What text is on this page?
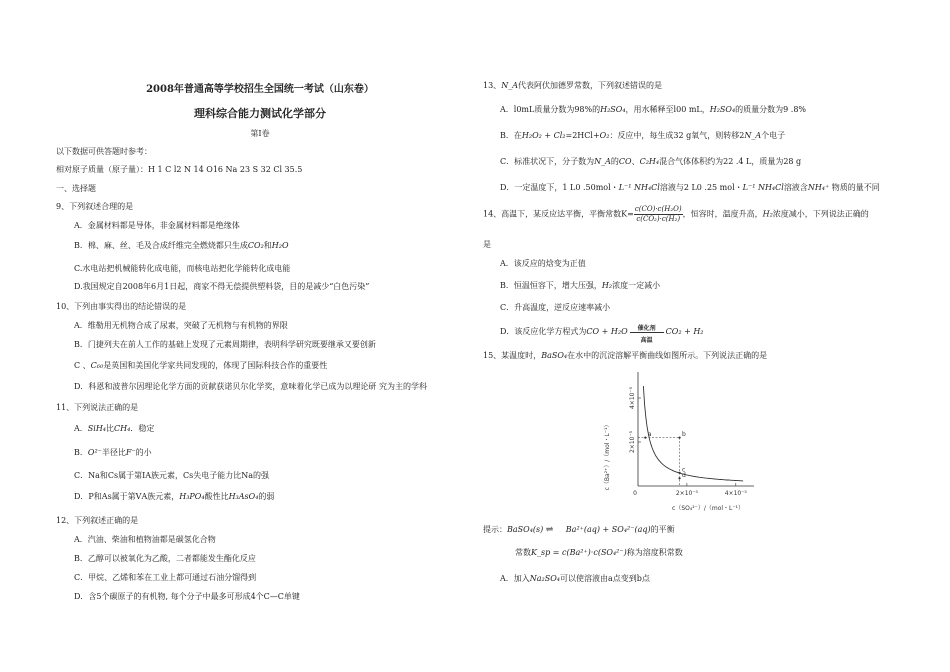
2008年普通高等学校招生全国统一考试（山东卷）
理科综合能力测试化学部分
第Ⅰ卷
以下数据可供答题时参考：
相对原子质量（原子量）：H 1 C l2 N 14 O16 Na 23 S 32 Cl 35.5
一、选择题
9、下列叙述合理的是
A．金属材料都是导体，非金属材料都是绝缘体
B．棉、麻、丝、毛及合成纤维完全燃烧都只生成CO₂和H₂O
C.水电站把机械能转化成电能，而核电站把化学能转化成电能
D.我国规定自2008年6月1日起，商家不得无偿提供塑料袋，目的是减少“白色污染”
10、下列由事实得出的结论错误的是
A．维勒用无机物合成了尿素，突破了无机物与有机物的界限
B．门捷列夫在前人工作的基础上发现了元素周期律，表明科学研究既要继承又要创新
C 、C₆₀是英国和美国化学家共同发现的，体现了国际科技合作的重要性
D．科恩和波普尔因理论化学方面的贡献获诺贝尔化学奖，意味着化学已成为以理论研 究为主的学科
11、下列说法正确的是
A．SiH₄比CH₄．稳定
B．O²⁻半径比F⁻的小
C．Na和Cs属于第ⅠA族元素，Cs失电子能力比Na的强
D．P和As属于第ⅤA族元素，H₃PO₄酸性比H₃AsO₄的弱
12、下列叙述正确的是
A．汽油、柴油和植物油都是碳氢化合物
B．乙醇可以被氧化为乙酸，二者都能发生酯化反应
C．甲烷、乙烯和苯在工业上都可通过石油分馏得到
D．含5个碳原子的有机物, 每个分子中最多可形成4个C—C单键
13、N_A代表阿伏加德罗常数，下列叙述错误的是
A．l0mL质量分数为98%的H₂SO₄，用水稀释至l00 mL，H₂SO₄的质量分数为9 .8%
B．在H₂O₂ + Cl₂=2HCl+O₂：反应中，每生成32 g氧气，则转移2N_A个电子
C．标准状况下，分子数为N_A的CO、C₂H₄混合气体体积约为22 .4 L，质量为28 g
D．一定温度下，1 L0 .50mol・L⁻¹ NH₄Cl溶液与2 L0 .25 mol・L⁻¹ NH₄Cl溶液含NH₄⁺ 物质的量不同
14、高温下，某反应达平衡，平衡常数$K= \frac{\text{c(CO)·c(H₂O)}}{\text{c(CO₂)·c(H₂)}}$ ，恒容时，温度升高，H₂浓度减小，下列说法正确的
是
A．该反应的焓变为正值
B．恒温恒容下，增大压强，H₂浓度一定减小
C．升高温度，逆反应速率减小
D．该反应化学方程式为CO + H₂O	催化剂
高温
CO₂ + H₂
15、某温度时，BaSO₄在水中的沉淀溶解平衡曲线如图所示。下列说法正确的是
0	2×10⁻⁵	4×10⁻⁵
2×10⁻⁵
4×10⁻⁵
a	b
c
d
c（Ba²⁺）/（mol・L⁻¹）
c（SO₄²⁻）/（mol・L⁻¹）
提示：BaSO₄(s) ⇌ Ba²⁺(aq) + SO₄²⁻(aq)的平衡
常数K_sp = c(Ba²⁺)·c(SO₄²⁻)称为溶度积常数
A．加入Na₂SO₄可以使溶液由a点变到b点
